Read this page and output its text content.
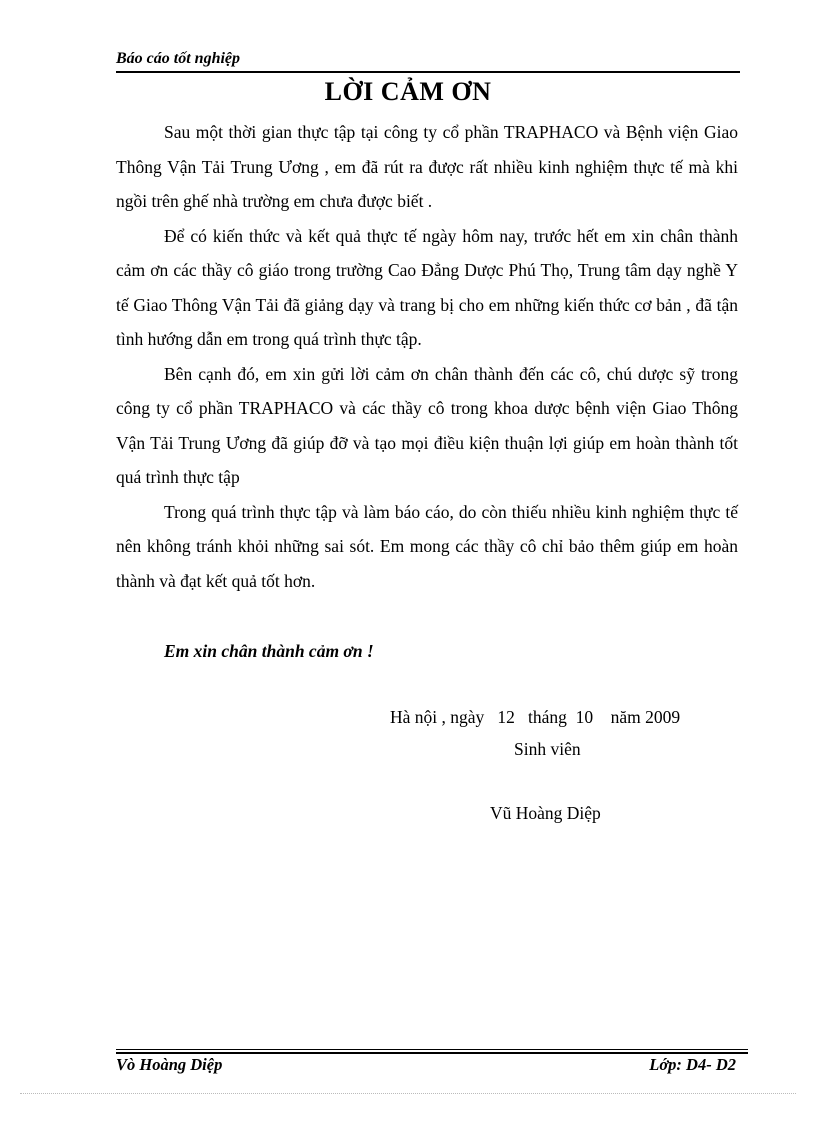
Báo cáo tốt nghiệp
LỜI CẢM ƠN

Sau một thời gian thực tập tại công ty cổ phần TRAPHACO và Bệnh viện Giao Thông Vận Tải Trung Ương , em đã rút ra được rất nhiều kinh nghiệm thực tế mà khi ngồi trên ghế nhà trường em chưa được biết .

Để có kiến thức và kết quả thực tế ngày hôm nay, trước hết em xin chân thành cảm ơn các thầy cô giáo trong trường Cao Đẳng Dược Phú Thọ, Trung tâm dạy nghề Y tế Giao Thông Vận Tải đã giảng dạy và trang bị cho em những kiến thức cơ bản , đã tận tình hướng dẫn em trong quá trình thực tập.

Bên cạnh đó, em xin gửi lời cảm ơn chân thành đến các cô, chú dược sỹ trong công ty cổ phần TRAPHACO và các thầy cô trong khoa dược bệnh viện Giao Thông Vận Tải Trung Ương đã giúp đỡ và tạo mọi điều kiện thuận lợi giúp em hoàn thành tốt quá trình thực tập

Trong quá trình thực tập và làm báo cáo, do còn thiếu nhiều kinh nghiệm thực tế nên không tránh khỏi những sai sót. Em mong các thầy cô chỉ bảo thêm giúp em hoàn thành và đạt kết quả tốt hơn.

Em xin chân thành cảm ơn !
Hà nội , ngày   12   tháng  10    năm 2009
Sinh viên
Vũ Hoàng Diệp
Vò Hoàng Diệp	Lớp: D4- D2
